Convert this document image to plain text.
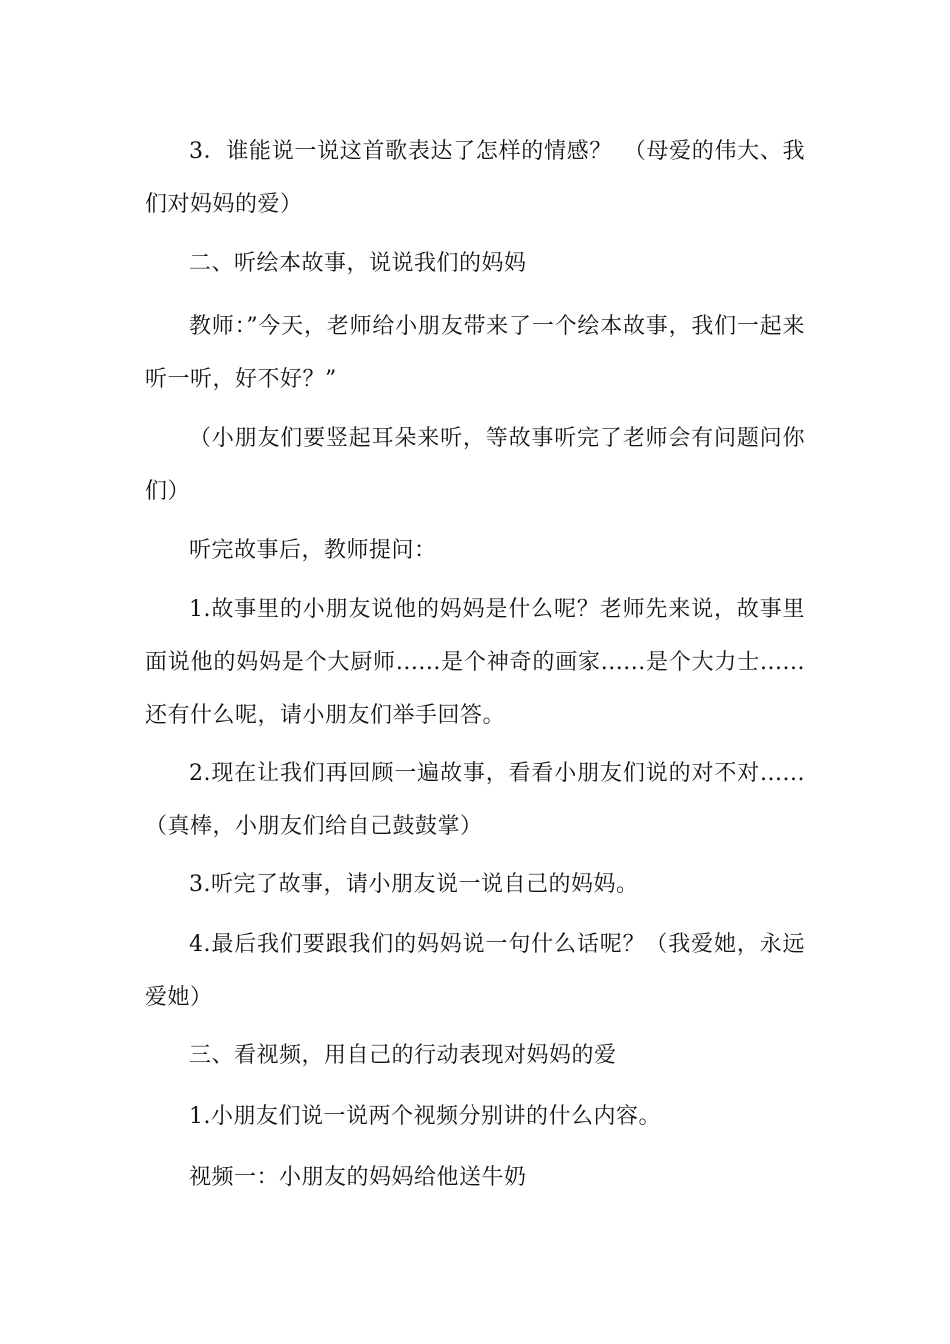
3．谁能说一说这首歌表达了怎样的情感？　（母爱的伟大、我们对妈妈的爱）

二、听绘本故事，说说我们的妈妈

教师：”今天，老师给小朋友带来了一个绘本故事，我们一起来听一听，好不好？”

（小朋友们要竖起耳朵来听，等故事听完了老师会有问题问你们）

听完故事后，教师提问：

1.故事里的小朋友说他的妈妈是什么呢？老师先来说，故事里面说他的妈妈是个大厨师......是个神奇的画家......是个大力士......还有什么呢，请小朋友们举手回答。

2.现在让我们再回顾一遍故事，看看小朋友们说的对不对......（真棒，小朋友们给自己鼓鼓掌）

3.听完了故事，请小朋友说一说自己的妈妈。

4.最后我们要跟我们的妈妈说一句什么话呢？（我爱她，永远爱她）

三、看视频，用自己的行动表现对妈妈的爱

1.小朋友们说一说两个视频分别讲的什么内容。

视频一：小朋友的妈妈给他送牛奶
